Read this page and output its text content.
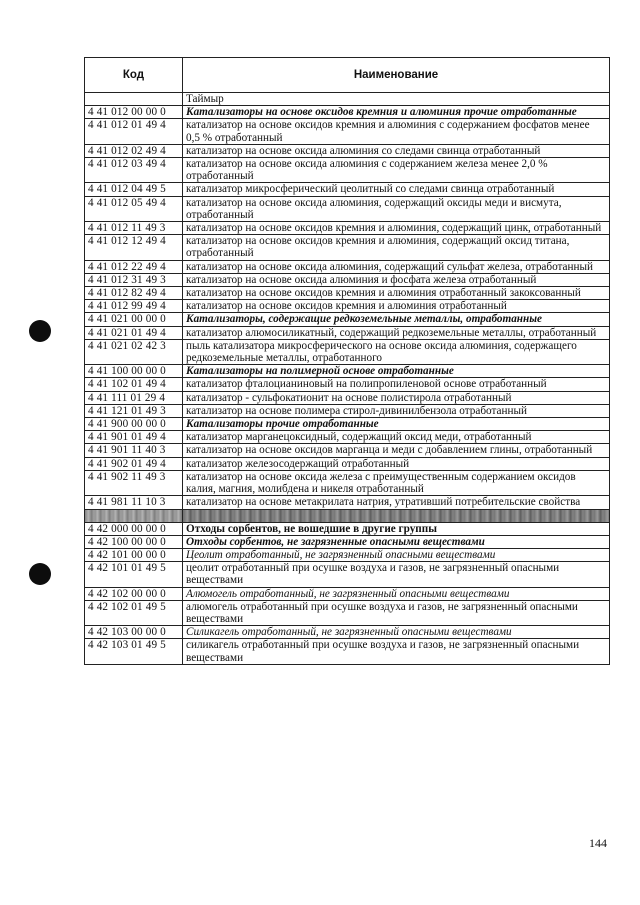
Код	Наименование
	Таймыр
4 41 012 00 00 0	Катализаторы на основе оксидов кремния и алюминия прочие отработанные
4 41 012 01 49 4	катализатор на основе оксидов кремния и алюминия с содержанием фосфатов менее 0,5 % отработанный
4 41 012 02 49 4	катализатор на основе оксида алюминия со следами свинца отработанный
4 41 012 03 49 4	катализатор на основе оксида алюминия с содержанием железа менее 2,0 % отработанный
4 41 012 04 49 5	катализатор микросферический цеолитный со следами свинца отработанный
4 41 012 05 49 4	катализатор на основе оксида алюминия, содержащий оксиды меди и висмута, отработанный
4 41 012 11 49 3	катализатор на основе оксидов кремния и алюминия, содержащий цинк, отработанный
4 41 012 12 49 4	катализатор на основе оксидов кремния и алюминия, содержащий оксид титана, отработанный
4 41 012 22 49 4	катализатор на основе оксида алюминия, содержащий сульфат железа, отработанный
4 41 012 31 49 3	катализатор на основе оксида алюминия и фосфата железа отработанный
4 41 012 82 49 4	катализатор на основе оксидов кремния и алюминия отработанный закоксованный
4 41 012 99 49 4	катализатор на основе оксидов кремния и алюминия отработанный
4 41 021 00 00 0	Катализаторы, содержащие редкоземельные металлы, отработанные
4 41 021 01 49 4	катализатор алюмосиликатный, содержащий редкоземельные металлы, отработанный
4 41 021 02 42 3	пыль катализатора микросферического на основе оксида алюминия, содержащего редкоземельные металлы, отработанного
4 41 100 00 00 0	Катализаторы на полимерной основе отработанные
4 41 102 01 49 4	катализатор фталоцианиновый на полипропиленовой основе отработанный
4 41 111 01 29 4	катализатор - сульфокатионит на основе полистирола отработанный
4 41 121 01 49 3	катализатор на основе полимера стирол-дивинилбензола отработанный
4 41 900 00 00 0	Катализаторы прочие отработанные
4 41 901 01 49 4	катализатор марганецоксидный, содержащий оксид меди, отработанный
4 41 901 11 40 3	катализатор на основе оксидов марганца и меди с добавлением глины, отработанный
4 41 902 01 49 4	катализатор железосодержащий отработанный
4 41 902 11 49 3	катализатор на основе оксида железа с преимущественным содержанием оксидов калия, магния, молибдена и никеля отработанный
4 41 981 11 10 3	катализатор на основе метакрилата натрия, утративший потребительские свойства

4 42 000 00 00 0	Отходы сорбентов, не вошедшие в другие группы
4 42 100 00 00 0	Отходы сорбентов, не загрязненные опасными веществами
4 42 101 00 00 0	Цеолит отработанный, не загрязненный опасными веществами
4 42 101 01 49 5	цеолит отработанный при осушке воздуха и газов, не загрязненный опасными веществами
4 42 102 00 00 0	Алюмогель отработанный, не загрязненный опасными веществами
4 42 102 01 49 5	алюмогель отработанный при осушке воздуха и газов, не загрязненный опасными веществами
4 42 103 00 00 0	Силикагель отработанный, не загрязненный опасными веществами
4 42 103 01 49 5	силикагель отработанный при осушке воздуха и газов, не загрязненный опасными веществами
144
